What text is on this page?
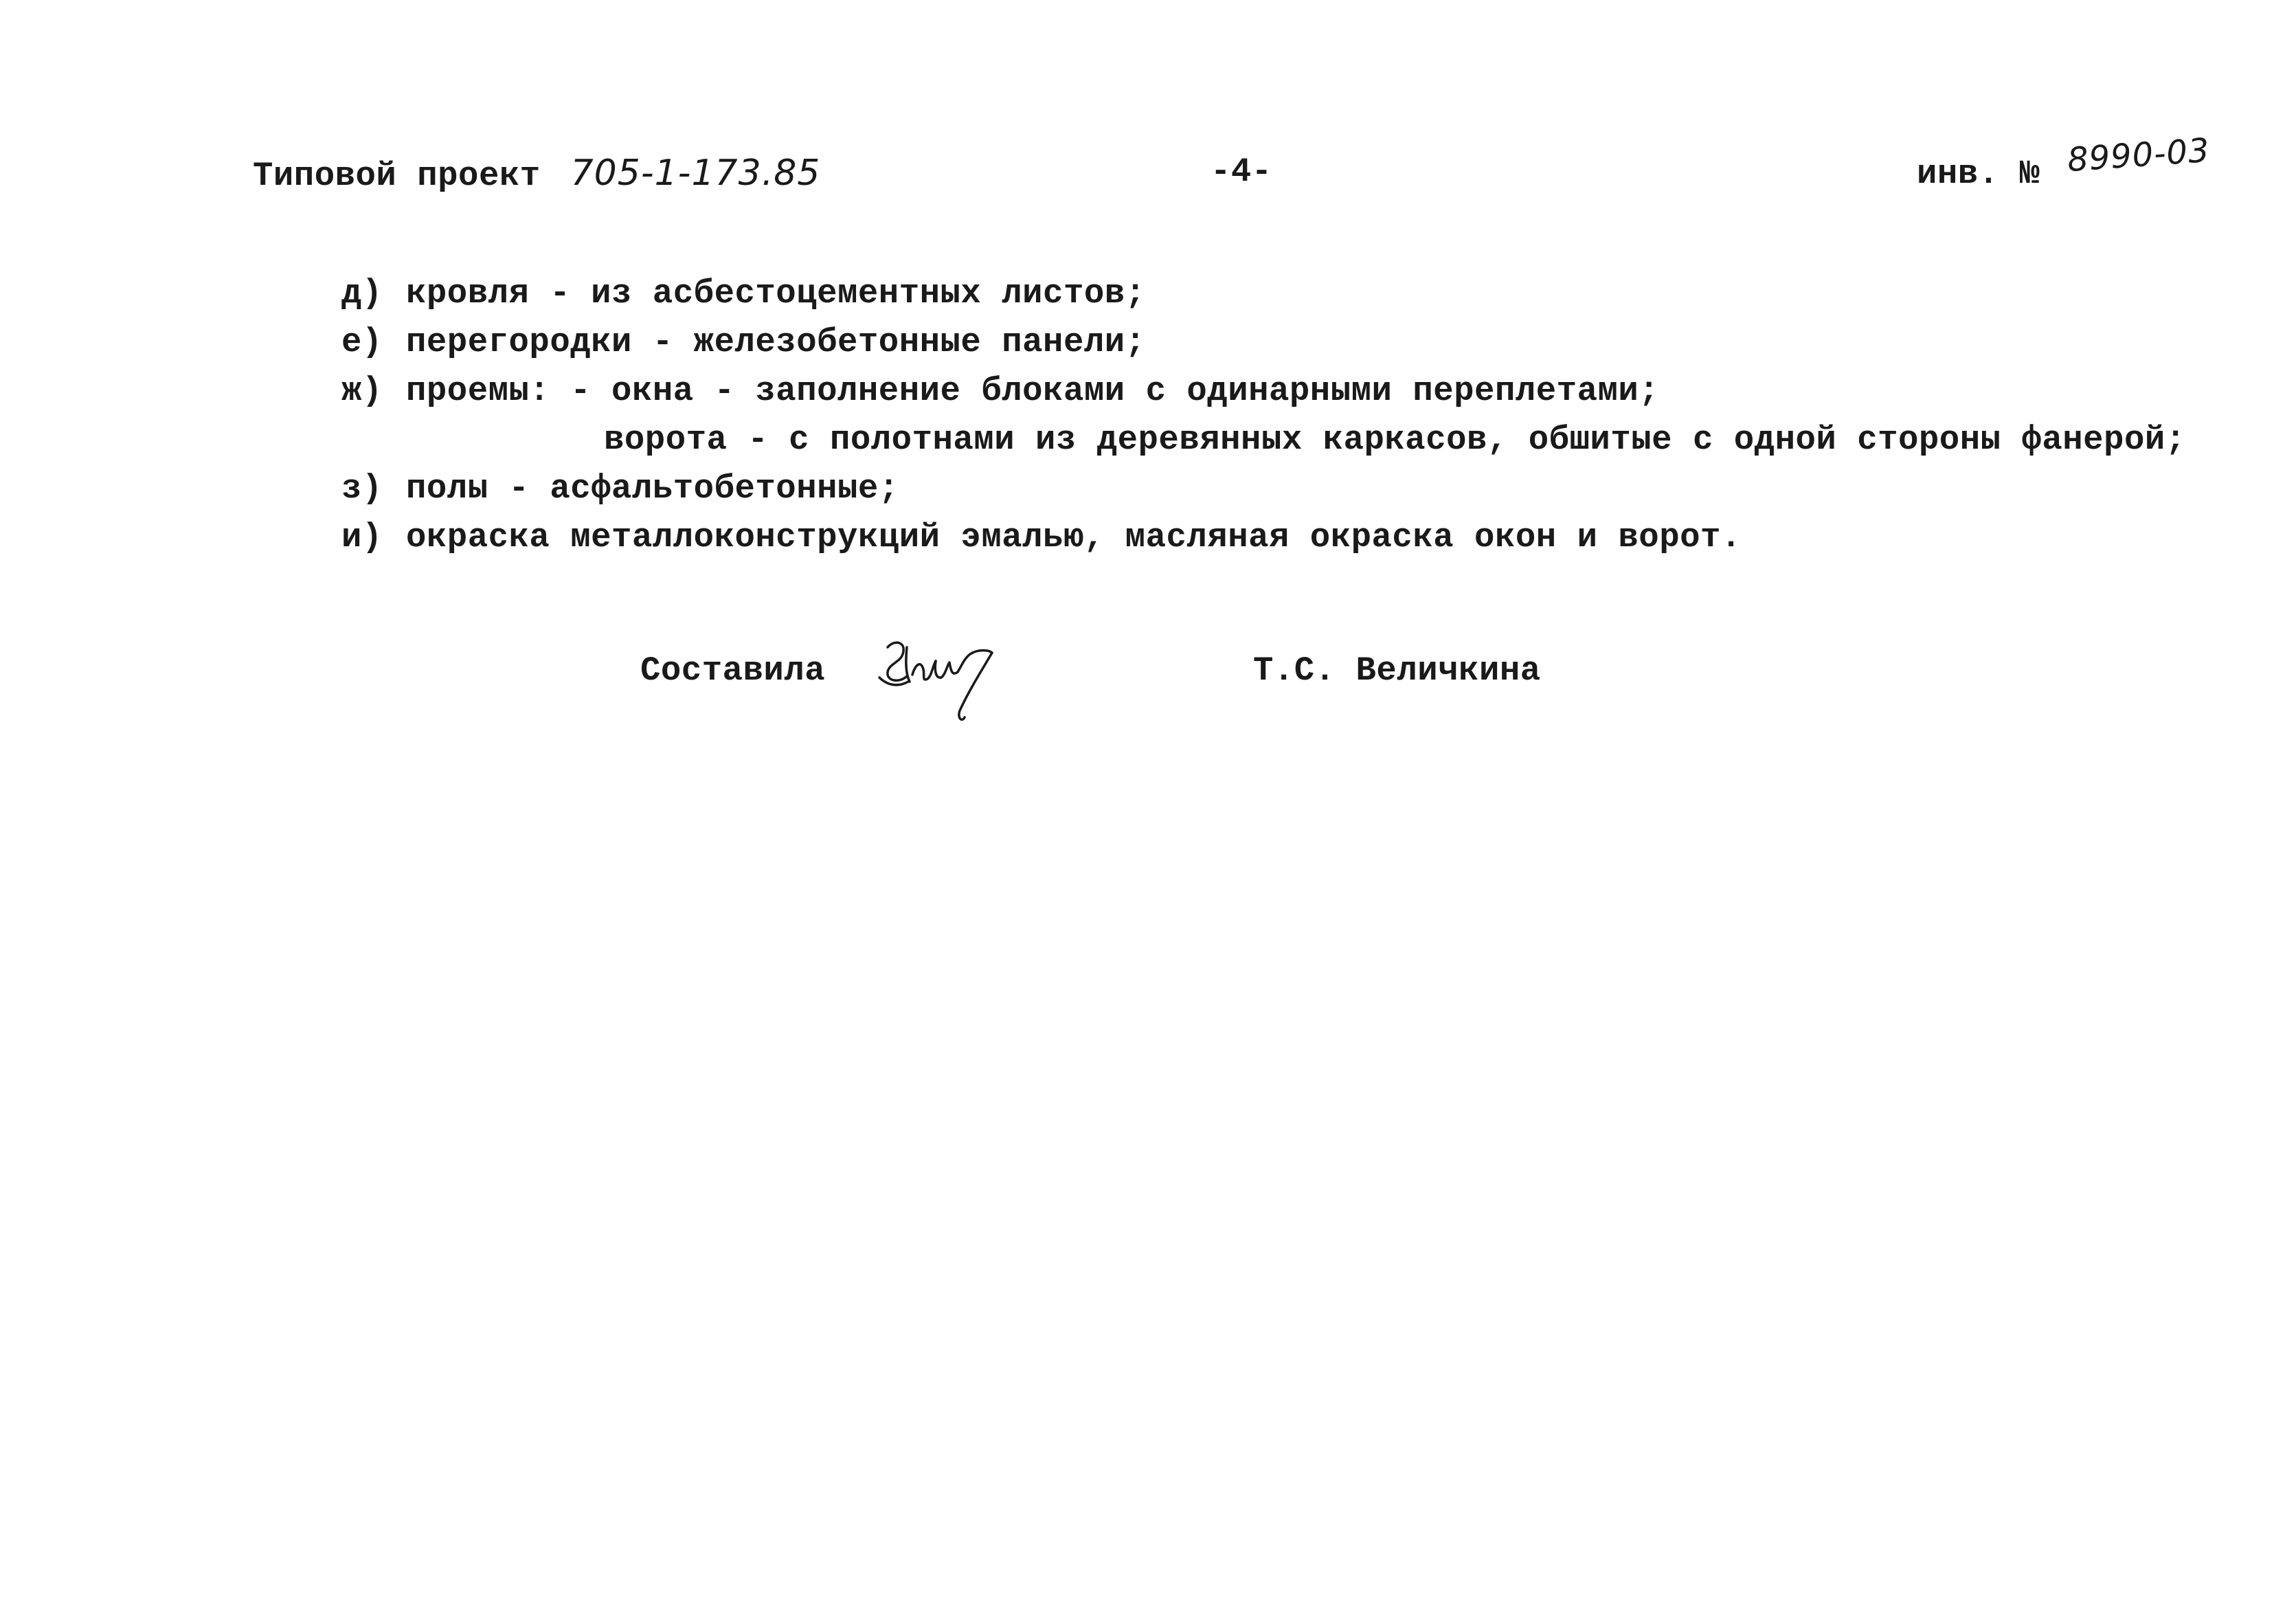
Типовой проект 705-1-173.85	-4-	инв. № 8990-03
д) кровля - из асбестоцементных листов;
е) перегородки - железобетонные панели;
ж) проемы: - окна - заполнение блоками с одинарными переплетами;
ворота - с полотнами из деревянных каркасов, обшитые с одной стороны фанерой;
з) полы - асфальтобетонные;
и) окраска металлоконструкций эмалью, масляная окраска окон и ворот.
Составила	Т.С. Величкина
